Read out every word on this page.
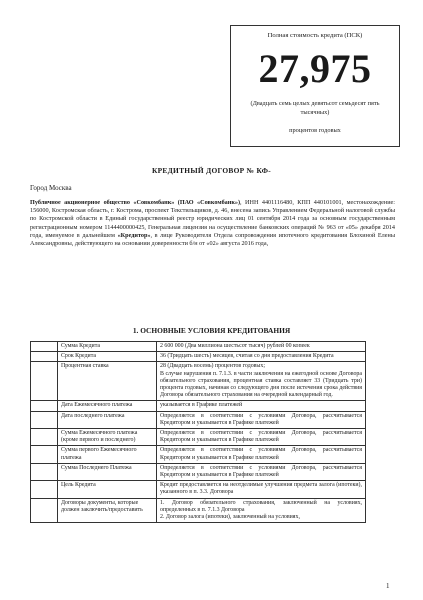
Полная стоимость кредита (ПСК)
27,975
(Двадцать семь целых девятьсот семьдесят пять тысячных)
процентов годовых
КРЕДИТНЫЙ ДОГОВОР № КФ-
Город Москва
Публичное акционерное общество «Совкомбанк» (ПАО «Совкомбанк»), ИНН 4401116480, КПП 440101001, местонахождение: 156000, Костромская область, г. Кострома, проспект Текстильщиков, д. 46, внесена запись Управлением Федеральной налоговой службы по Костромской области в Единый государственный реестр юридических лиц 01 сентября 2014 года за основным государственным регистрационным номером 1144400000425, Генеральная лицензия на осуществление банковских операций № 963 от «05» декабря 2014 года, именуемое в дальнейшем «Кредитор», в лице Руководителя Отдела сопровождения ипотечного кредитования Блохиной Елены Александровны, действующего на основании доверенности б/н от «02» августа 2016 года,
1. ОСНОВНЫЕ УСЛОВИЯ КРЕДИТОВАНИЯ
	Сумма Кредита	2 600 000 (Два миллиона шестьсот тысяч) рублей 00 копеек
	Срок Кредита	36 (Тридцать шесть) месяцев, считая со дня предоставления Кредита
	Процентная ставка	28 (Двадцать восемь) процентов годовых;
В случае нарушения п. 7.1.3. в части заключения на ежегодной основе Договора обязательного страхования, процентная ставка составляет 33 (Тридцать три) процента годовых, начиная со следующего дня после истечения срока действия Договора обязательного страхования на очередной календарный год.

	Дата Ежемесячного платежа	указывается в Графике платежей
	Дата последнего платежа	Определяется в соответствии с условиями Договора, рассчитывается Кредитором и указывается в Графике платежей
	Сумма Ежемесячного платежа (кроме первого и последнего)	Определяется в соответствии с условиями Договора, рассчитывается Кредитором и указывается в Графике платежей
	Сумма первого Ежемесячного платежа	Определяется в соответствии с условиями Договора, рассчитывается Кредитором и указывается в Графике платежей
	Сумма Последнего Платежа	Определяется в соответствии с условиями Договора, рассчитывается Кредитором и указывается в Графике платежей
	Цель Кредита	Кредит предоставляется на неотделимые улучшения предмета залога (ипотеки), указанного в п. 3.3. Договора
	Договоры документы, которые должен заключить/предоставить	1. Договор обязательного страхования, заключенный на условиях, определенных в п. 7.1.3 Договора
2. Договор залога (ипотеки), заключенный на условиях,
1
